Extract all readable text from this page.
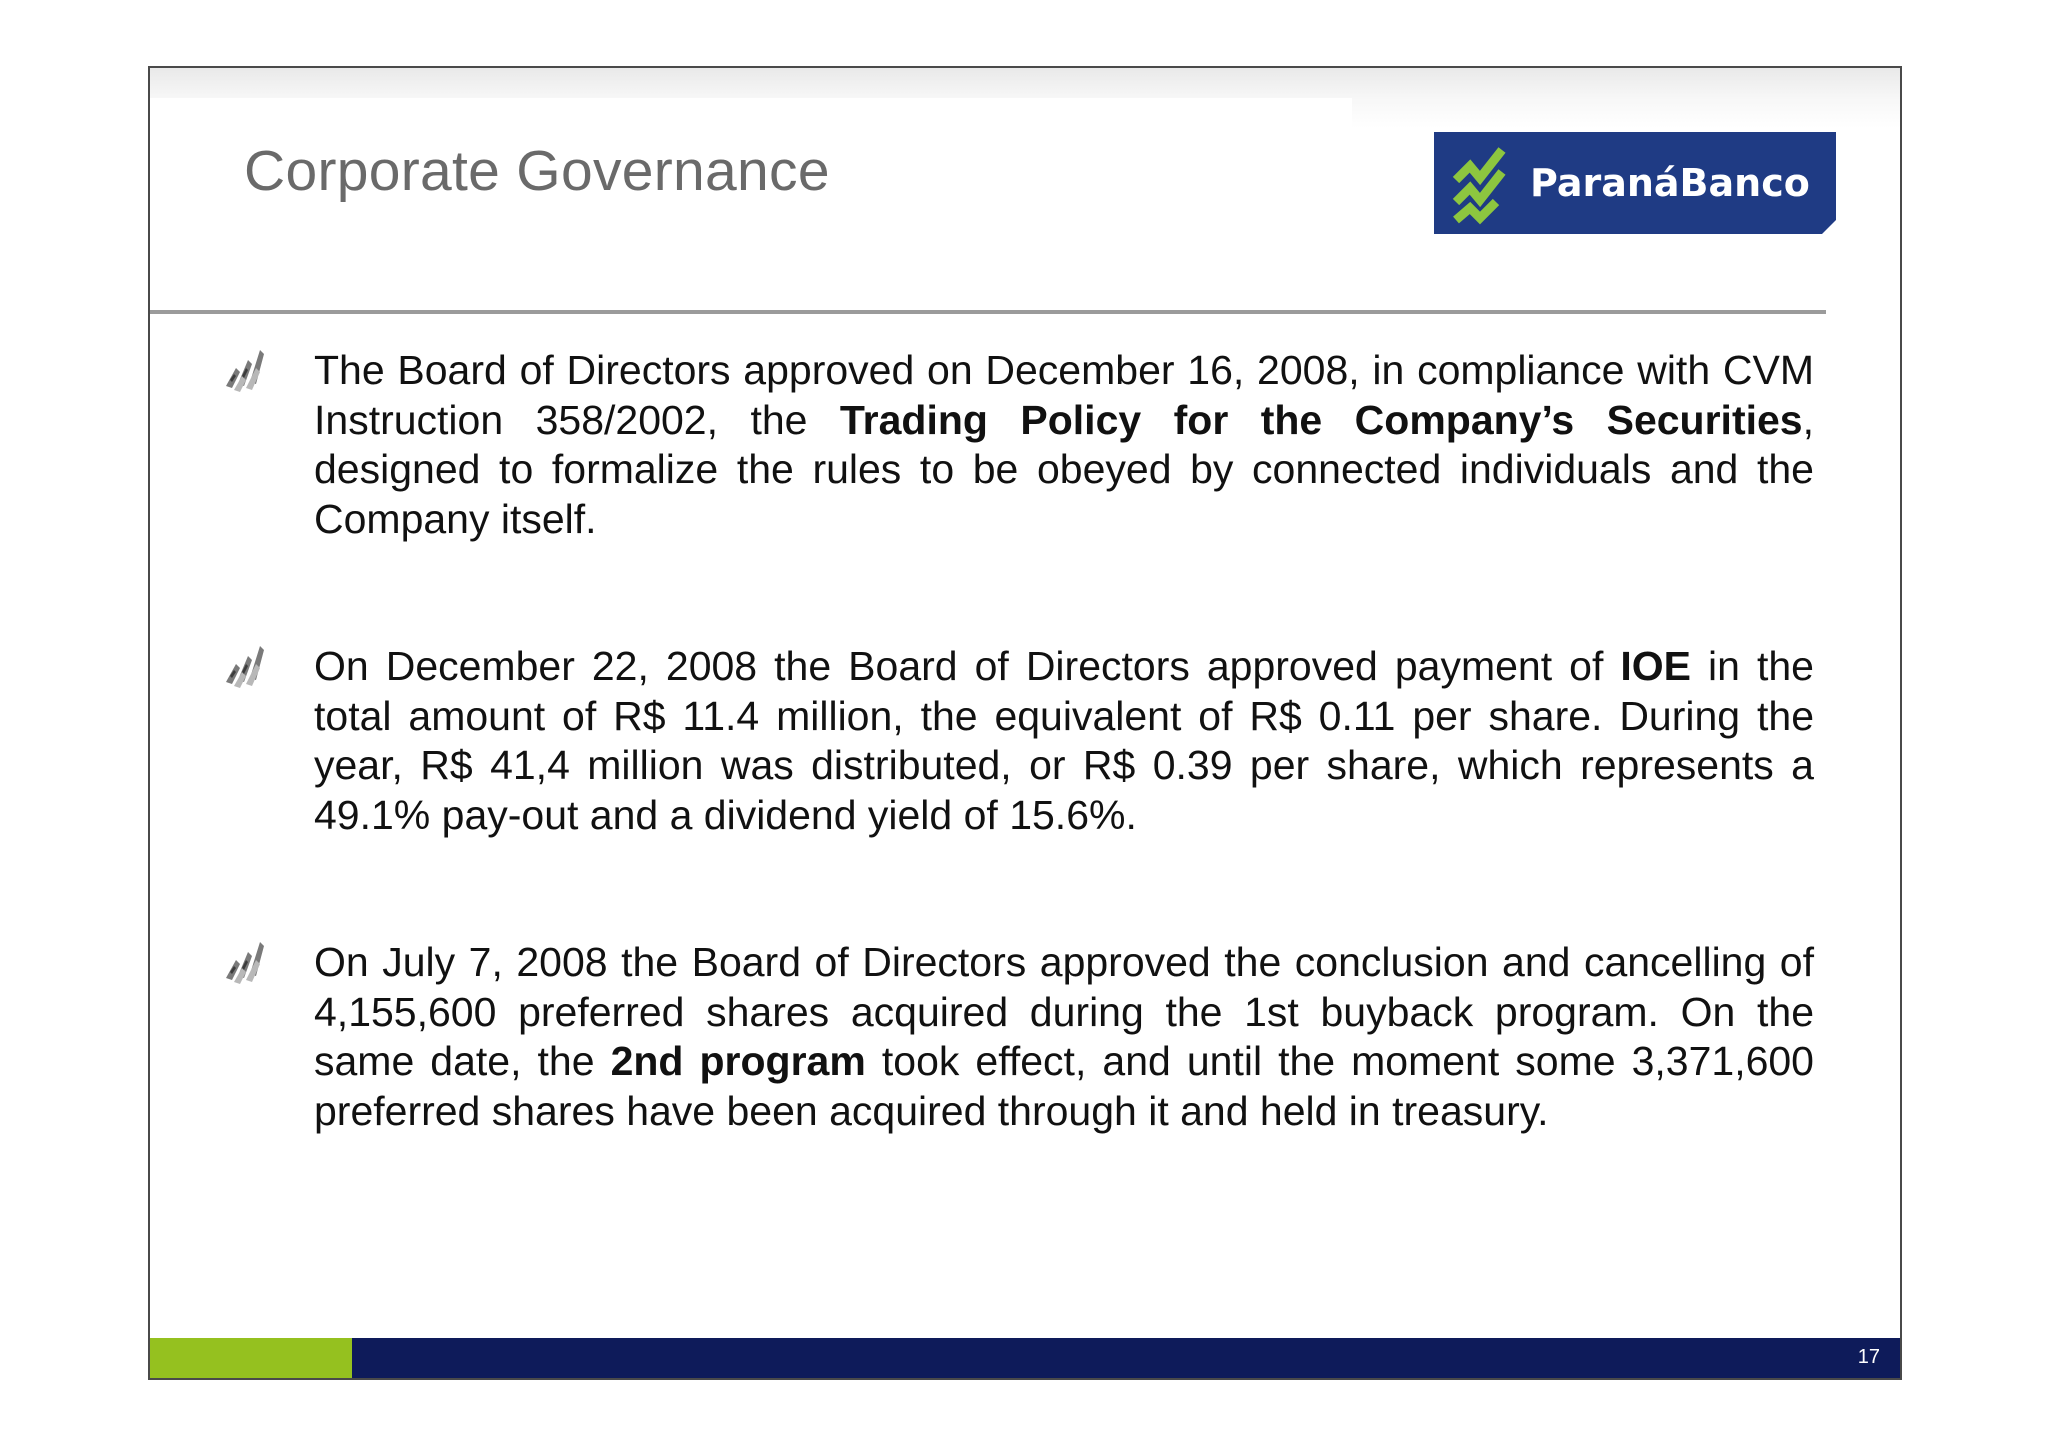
Corporate Governance	ParanáBanco
The Board of Directors approved on December 16, 2008, in compliance with CVM Instruction 358/2002, the Trading Policy for the Company’s Securities, designed to formalize the rules to be obeyed by connected individuals and the Company itself.
On December 22, 2008 the Board of Directors approved payment of IOE in the total amount of R$ 11.4 million, the equivalent of R$ 0.11 per share. During the year, R$ 41,4 million was distributed, or R$ 0.39 per share, which represents a 49.1% pay-out and a dividend yield of 15.6%.
On July 7, 2008 the Board of Directors approved the conclusion and cancelling of 4,155,600 preferred shares acquired during the 1st buyback program. On the same date, the 2nd program took effect, and until the moment some 3,371,600 preferred shares have been acquired through it and held in treasury.
17
